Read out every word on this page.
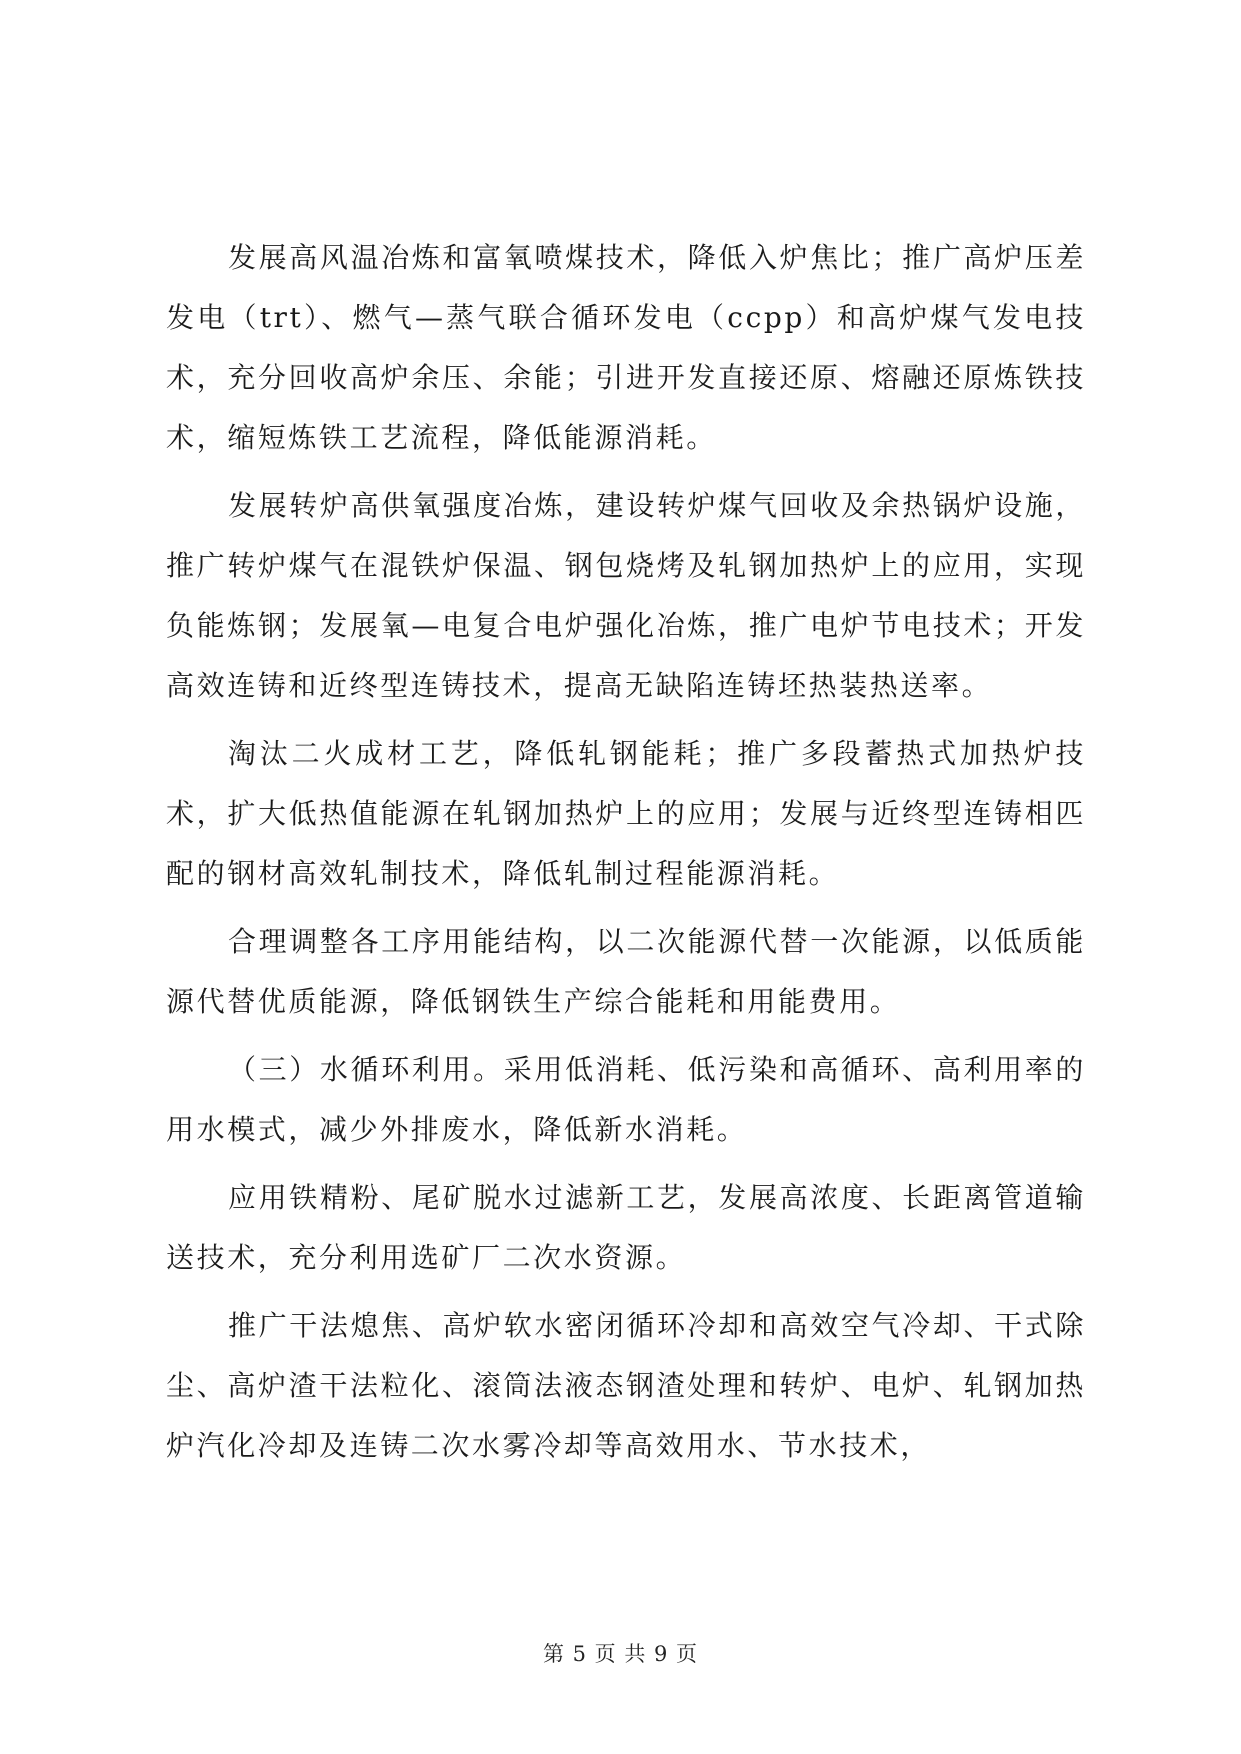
发展高风温冶炼和富氧喷煤技术，降低入炉焦比；推广高炉压差发电（trt）、燃气—蒸气联合循环发电（ccpp）和高炉煤气发电技术，充分回收高炉余压、余能；引进开发直接还原、熔融还原炼铁技术，缩短炼铁工艺流程，降低能源消耗。

发展转炉高供氧强度冶炼，建设转炉煤气回收及余热锅炉设施，推广转炉煤气在混铁炉保温、钢包烧烤及轧钢加热炉上的应用，实现负能炼钢；发展氧—电复合电炉强化冶炼，推广电炉节电技术；开发高效连铸和近终型连铸技术，提高无缺陷连铸坯热装热送率。

淘汰二火成材工艺，降低轧钢能耗；推广多段蓄热式加热炉技术，扩大低热值能源在轧钢加热炉上的应用；发展与近终型连铸相匹配的钢材高效轧制技术，降低轧制过程能源消耗。

合理调整各工序用能结构，以二次能源代替一次能源，以低质能源代替优质能源，降低钢铁生产综合能耗和用能费用。

（三）水循环利用。采用低消耗、低污染和高循环、高利用率的用水模式，减少外排废水，降低新水消耗。

应用铁精粉、尾矿脱水过滤新工艺，发展高浓度、长距离管道输送技术，充分利用选矿厂二次水资源。

推广干法熄焦、高炉软水密闭循环冷却和高效空气冷却、干式除尘、高炉渣干法粒化、滚筒法液态钢渣处理和转炉、电炉、轧钢加热炉汽化冷却及连铸二次水雾冷却等高效用水、节水技术，

第 5 页 共 9 页
